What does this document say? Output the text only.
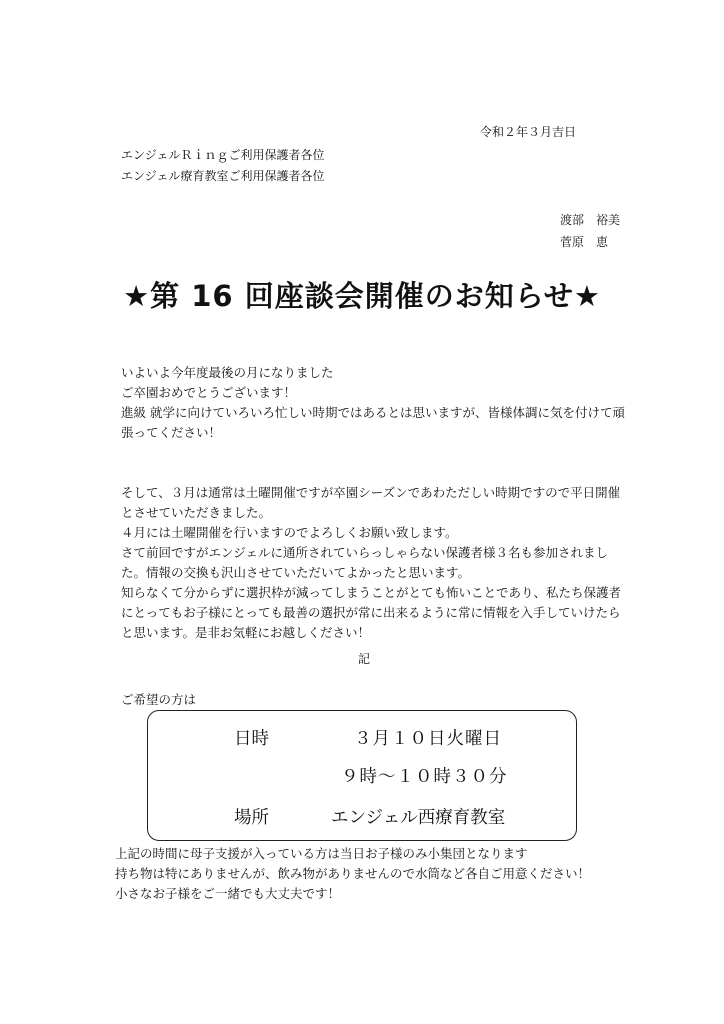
令和２年３月吉日
エンジェルＲｉｎｇご利用保護者各位
エンジェル療育教室ご利用保護者各位
渡部　裕美
菅原　恵
★第 16 回座談会開催のお知らせ★

いよいよ今年度最後の月になりました

ご卒園おめでとうございます！

進級 就学に向けていろいろ忙しい時期ではあるとは思いますが、皆様体調に気を付けて頑

張ってください！

そして、３月は通常は土曜開催ですが卒園シーズンであわただしい時期ですので平日開催

とさせていただきました。

４月には土曜開催を行いますのでよろしくお願い致します。

さて前回ですがエンジェルに通所されていらっしゃらない保護者様３名も参加されまし

た。情報の交換も沢山させていただいてよかったと思います。

知らなくて分からずに選択枠が減ってしまうことがとても怖いことであり、私たち保護者

にとってもお子様にとっても最善の選択が常に出来るように常に情報を入手していけたら

と思います。是非お気軽にお越しください！

記
ご希望の方は
日時	３月１０日火曜日
９時～１０時３０分
場所	エンジェル西療育教室

上記の時間に母子支援が入っている方は当日お子様のみ小集団となります

持ち物は特にありませんが、飲み物がありませんので水筒など各自ご用意ください！

小さなお子様をご一緒でも大丈夫です！
